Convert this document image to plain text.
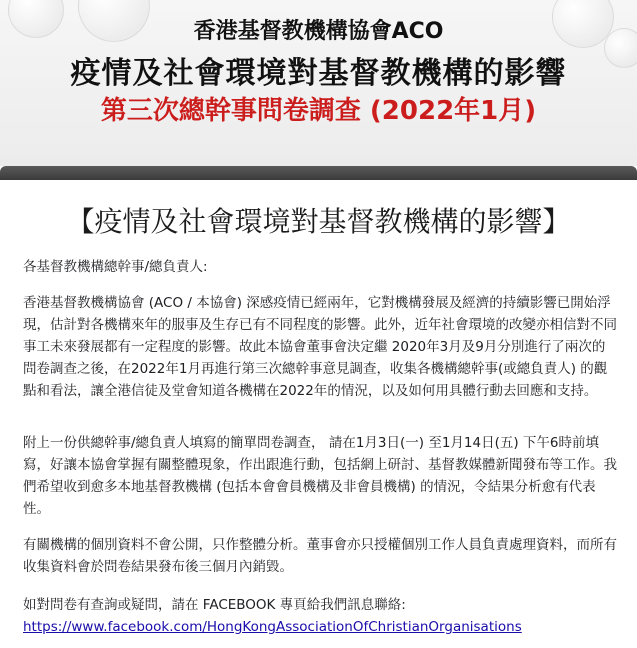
香港基督教機構協會ACO
疫情及社會環境對基督教機構的影響
第三次總幹事問卷調查 (2022年1月)
【疫情及社會環境對基督教機構的影響】

各基督教機構總幹事/總負責人:

香港基督教機構協會 (ACO / 本協會) 深感疫情已經兩年，它對機構發展及經濟的持續影響已開始浮現，估計對各機構來年的服事及生存已有不同程度的影響。此外，近年社會環境的改變亦相信對不同事工未來發展都有一定程度的影響。故此本協會董事會決定繼 2020年3月及9月分別進行了兩次的問卷調查之後，在2022年1月再進行第三次總幹事意見調查，收集各機構總幹事(或總負責人) 的觀點和看法，讓全港信徒及堂會知道各機構在2022年的情況，以及如何用具體行動去回應和支持。

附上一份供總幹事/總負責人填寫的簡單問卷調查， 請在1月3日(一) 至1月14日(五) 下午6時前填寫，好讓本協會掌握有關整體現象，作出跟進行動，包括網上研討、基督教媒體新聞發布等工作。我們希望收到愈多本地基督教機構 (包括本會會員機構及非會員機構) 的情況，令結果分析愈有代表性。

有關機構的個別資料不會公開，只作整體分析。董事會亦只授權個別工作人員負責處理資料，而所有收集資料會於問卷結果發布後三個月內銷毀。

如對問卷有查詢或疑問，請在 FACEBOOK 專頁給我們訊息聯絡:
https://www.facebook.com/HongKongAssociationOfChristianOrganisations
